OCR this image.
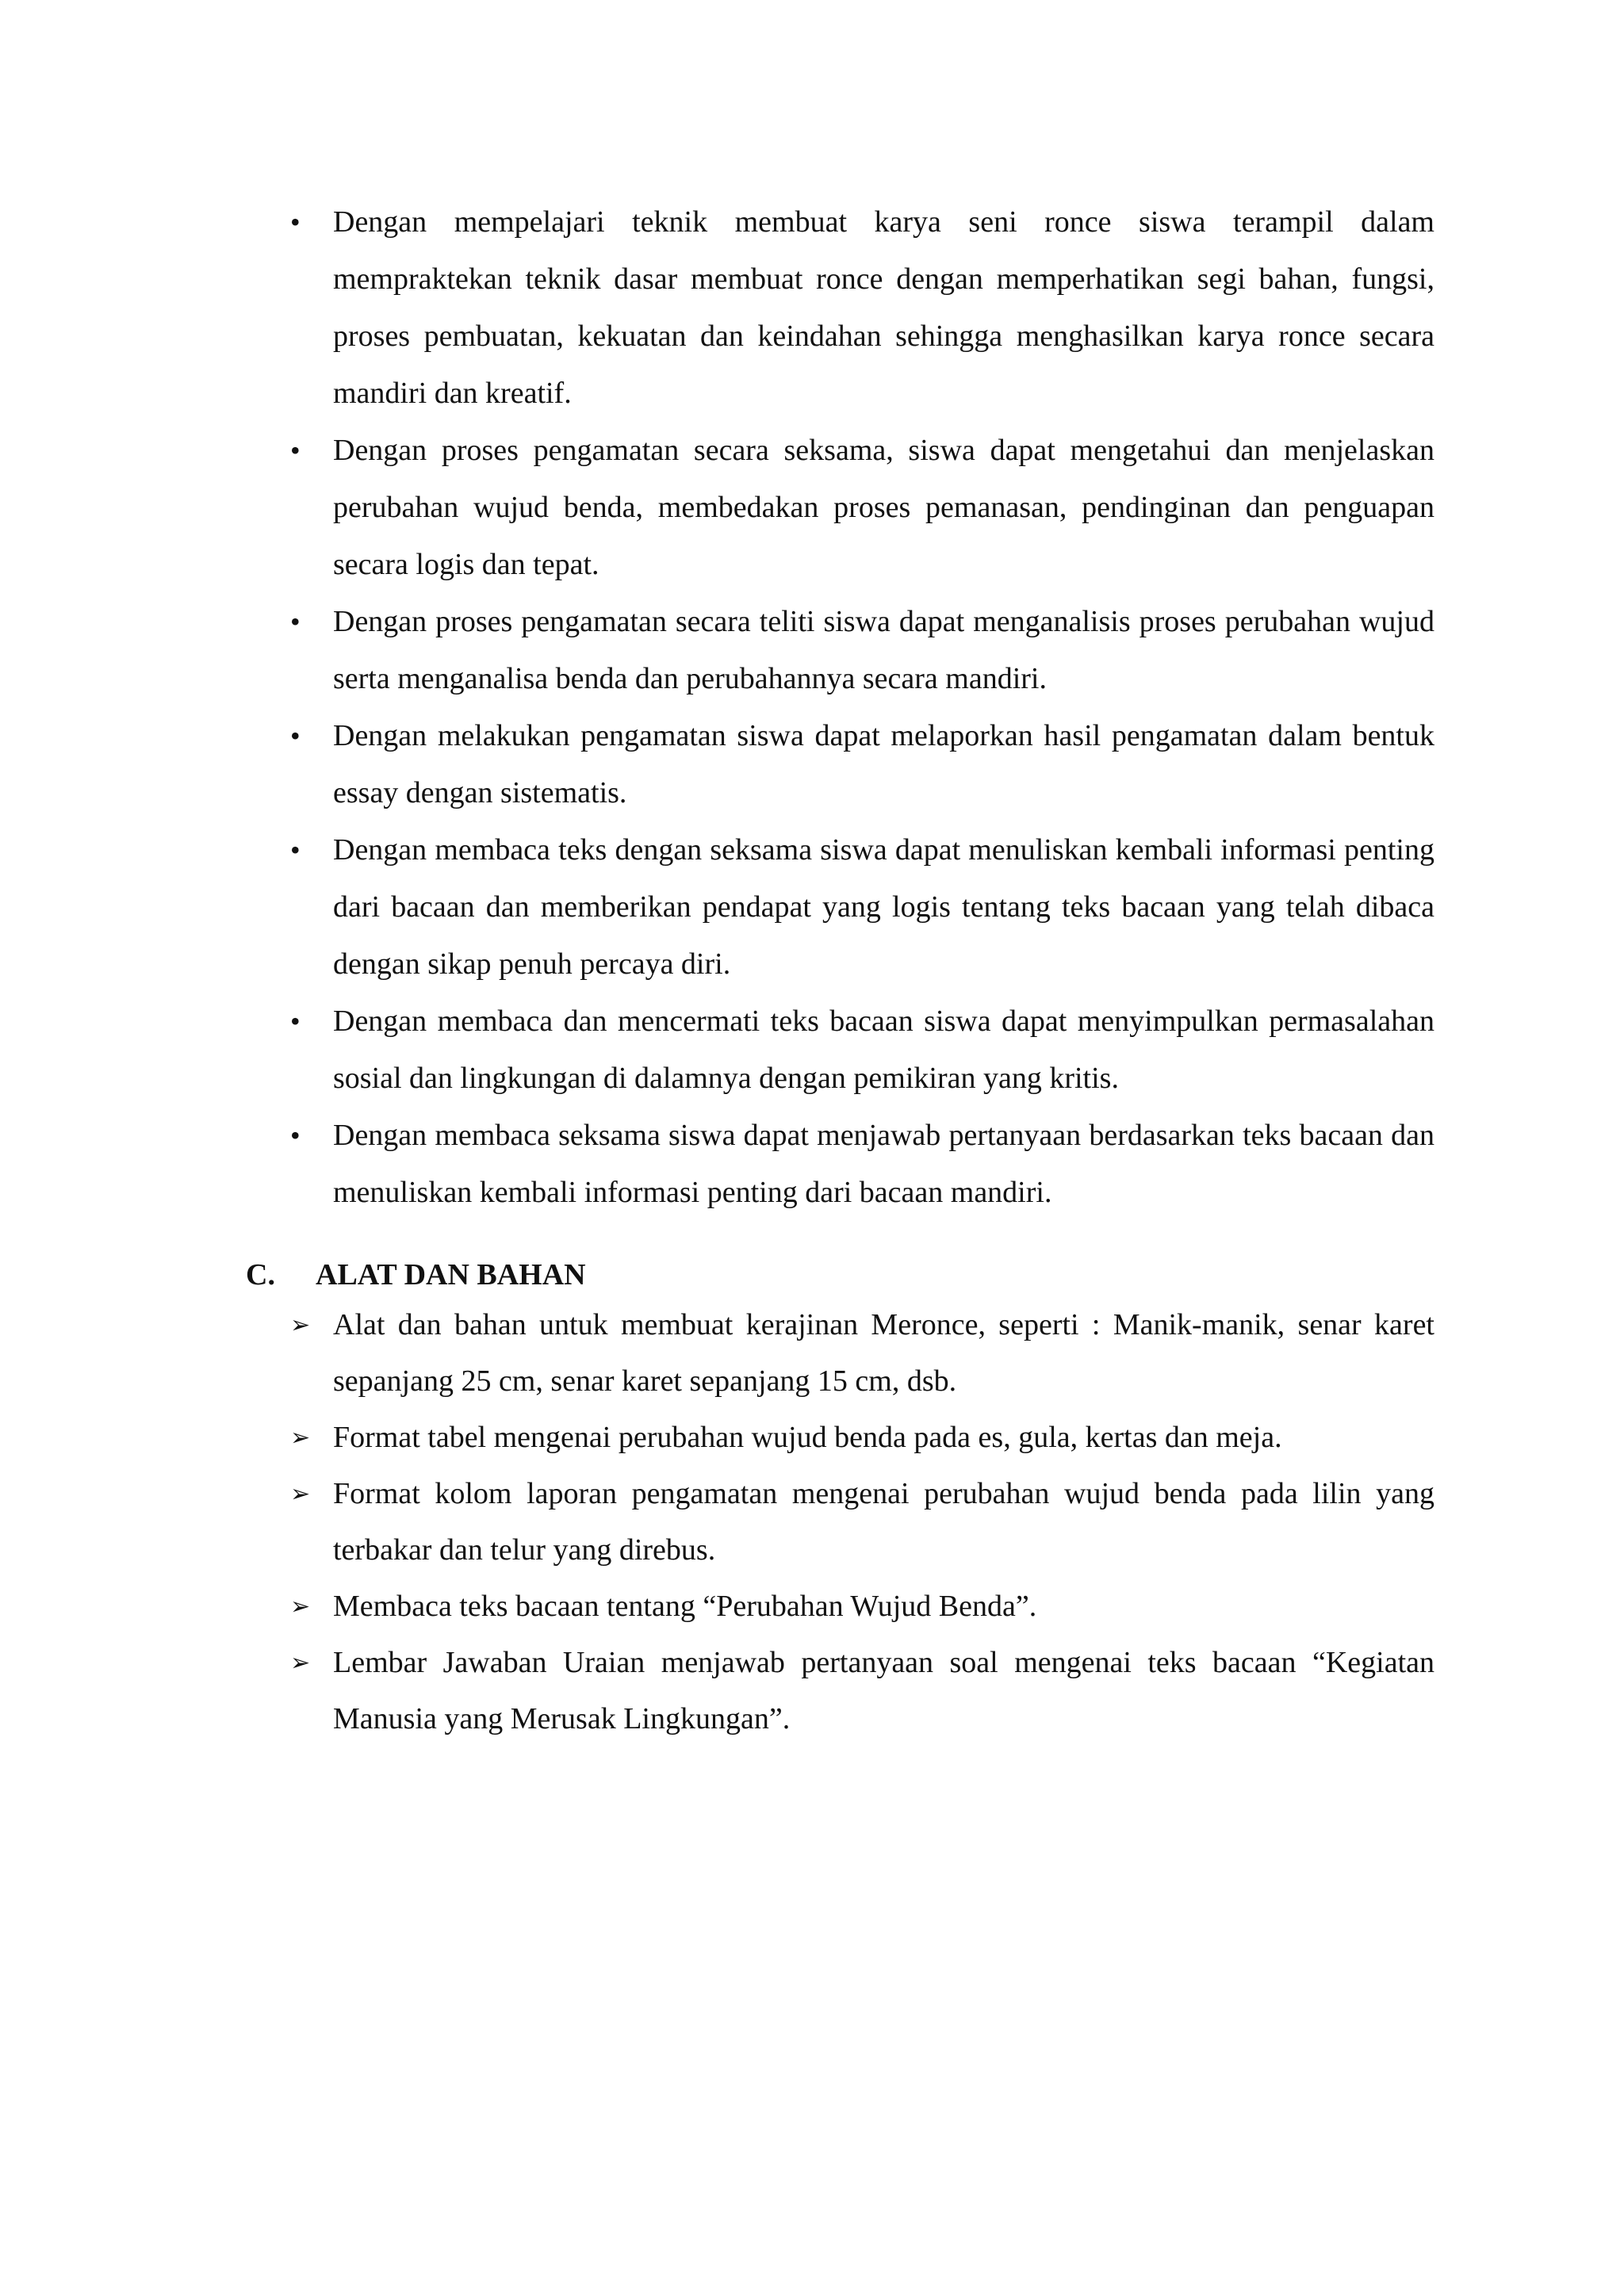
•	Dengan mempelajari teknik membuat karya seni ronce siswa terampil dalam mempraktekan teknik dasar membuat ronce dengan memperhatikan segi bahan, fungsi, proses pembuatan, kekuatan dan keindahan sehingga menghasilkan karya ronce secara mandiri dan kreatif.
•	Dengan proses pengamatan secara seksama, siswa dapat mengetahui dan menjelaskan perubahan wujud benda, membedakan proses pemanasan, pendinginan dan penguapan secara logis dan tepat.
•	Dengan proses pengamatan secara teliti siswa dapat menganalisis proses perubahan wujud serta menganalisa benda dan perubahannya secara mandiri.
•	Dengan melakukan pengamatan siswa dapat melaporkan hasil pengamatan dalam bentuk essay dengan sistematis.
•	Dengan membaca teks dengan seksama siswa dapat menuliskan kembali informasi penting dari bacaan dan memberikan pendapat yang logis tentang teks bacaan yang telah dibaca dengan sikap penuh percaya diri.
•	Dengan membaca dan mencermati teks bacaan siswa dapat menyimpulkan permasalahan sosial dan lingkungan di dalamnya dengan pemikiran yang kritis.
•	Dengan membaca seksama siswa dapat menjawab pertanyaan berdasarkan teks bacaan dan menuliskan kembali informasi penting dari bacaan mandiri.
C. ALAT DAN BAHAN
➢ Alat dan bahan untuk membuat kerajinan Meronce, seperti : Manik-manik, senar karet sepanjang 25 cm, senar karet sepanjang 15 cm, dsb.
➢ Format tabel mengenai perubahan wujud benda pada es, gula, kertas dan meja.
➢ Format kolom laporan pengamatan mengenai perubahan wujud benda pada lilin yang terbakar dan telur yang direbus.
➢ Membaca teks bacaan tentang “Perubahan Wujud Benda”.
➢ Lembar Jawaban Uraian menjawab pertanyaan soal mengenai teks bacaan “Kegiatan Manusia yang Merusak Lingkungan”.
